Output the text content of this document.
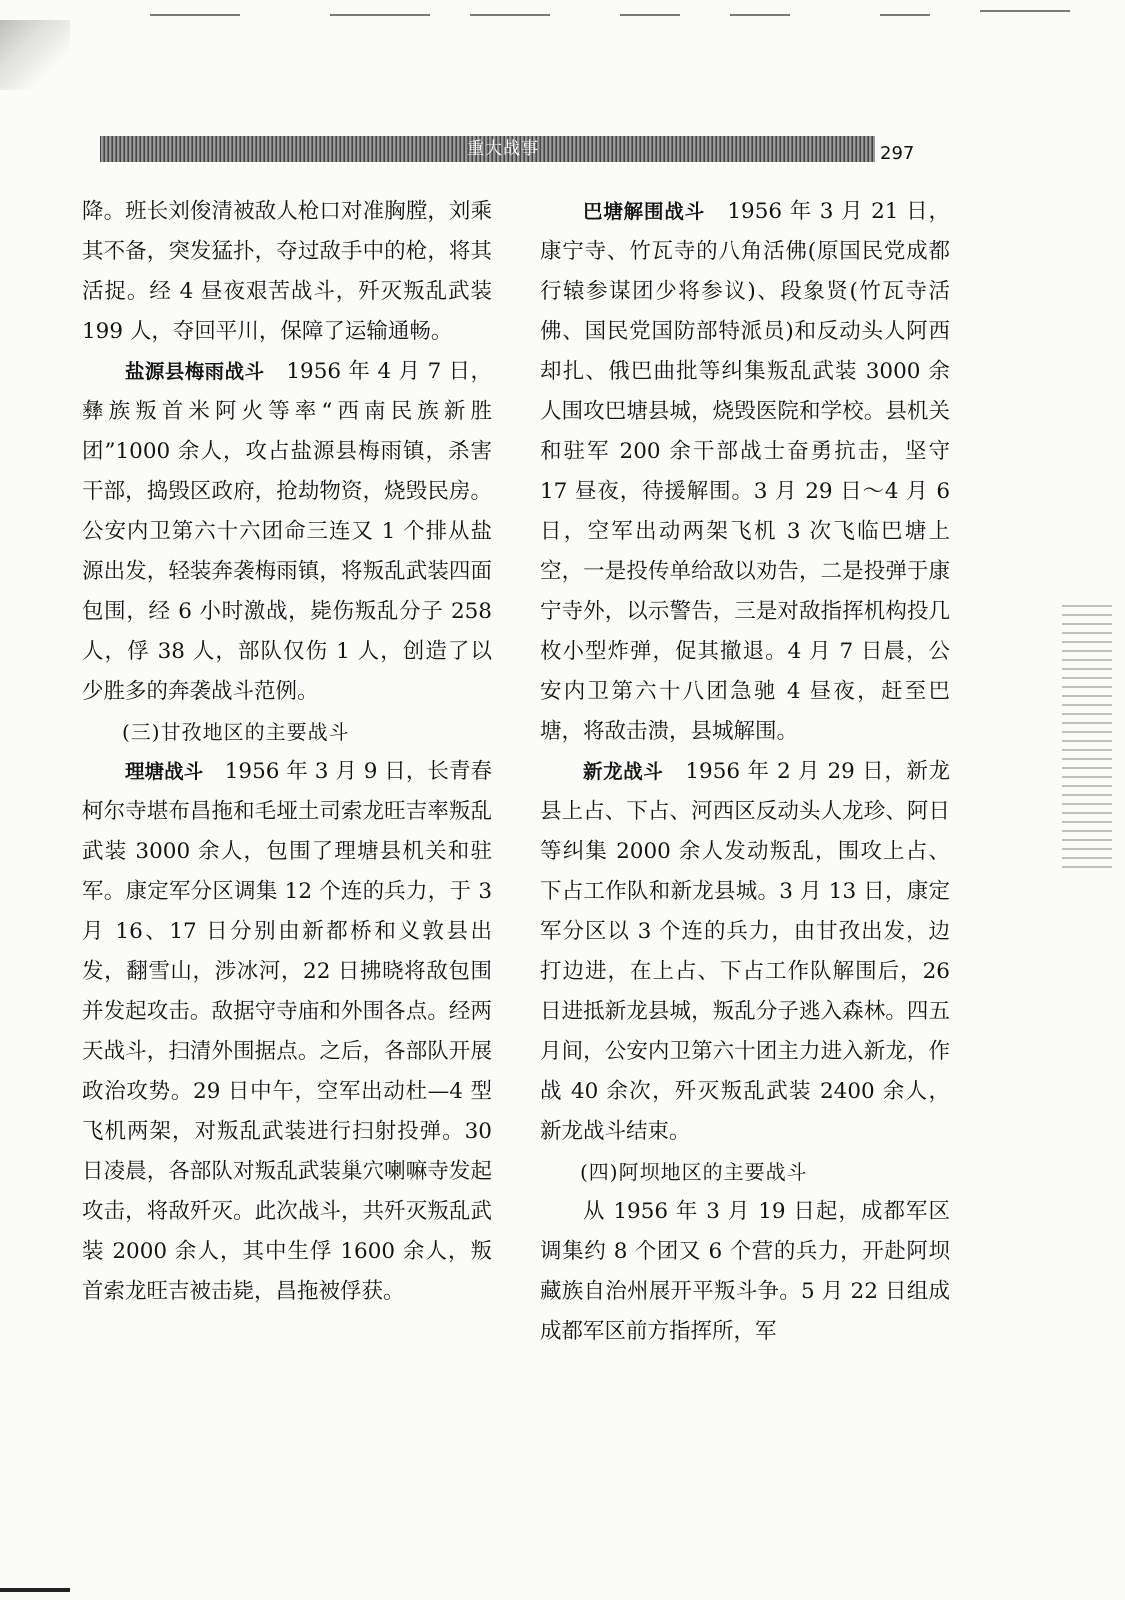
重大战事	297

降。班长刘俊清被敌人枪口对准胸膛，刘乘其不备，突发猛扑，夺过敌手中的枪，将其活捉。经 4 昼夜艰苦战斗，歼灭叛乱武装 199 人，夺回平川，保障了运输通畅。

盐源县梅雨战斗　1956 年 4 月 7 日，彝族叛首米阿火等率“西南民族新胜团”1000 余人，攻占盐源县梅雨镇，杀害干部，捣毁区政府，抢劫物资，烧毁民房。公安内卫第六十六团命三连又 1 个排从盐源出发，轻装奔袭梅雨镇，将叛乱武装四面包围，经 6 小时激战，毙伤叛乱分子 258 人，俘 38 人，部队仅伤 1 人，创造了以少胜多的奔袭战斗范例。

(三)甘孜地区的主要战斗

理塘战斗　1956 年 3 月 9 日，长青春柯尔寺堪布昌拖和毛垭土司索龙旺吉率叛乱武装 3000 余人，包围了理塘县机关和驻军。康定军分区调集 12 个连的兵力，于 3 月 16、17 日分别由新都桥和义敦县出发，翻雪山，涉冰河，22 日拂晓将敌包围并发起攻击。敌据守寺庙和外围各点。经两天战斗，扫清外围据点。之后，各部队开展政治攻势。29 日中午，空军出动杜—4 型飞机两架，对叛乱武装进行扫射投弹。30 日凌晨，各部队对叛乱武装巢穴喇嘛寺发起攻击，将敌歼灭。此次战斗，共歼灭叛乱武装 2000 余人，其中生俘 1600 余人，叛首索龙旺吉被击毙，昌拖被俘获。

巴塘解围战斗　1956 年 3 月 21 日，康宁寺、竹瓦寺的八角活佛(原国民党成都行辕参谋团少将参议)、段象贤(竹瓦寺活佛、国民党国防部特派员)和反动头人阿西却扎、俄巴曲批等纠集叛乱武装 3000 余人围攻巴塘县城，烧毁医院和学校。县机关和驻军 200 余干部战士奋勇抗击，坚守 17 昼夜，待援解围。3 月 29 日～4 月 6 日，空军出动两架飞机 3 次飞临巴塘上空，一是投传单给敌以劝告，二是投弹于康宁寺外，以示警告，三是对敌指挥机构投几枚小型炸弹，促其撤退。4 月 7 日晨，公安内卫第六十八团急驰 4 昼夜，赶至巴塘，将敌击溃，县城解围。

新龙战斗　1956 年 2 月 29 日，新龙县上占、下占、河西区反动头人龙珍、阿日等纠集 2000 余人发动叛乱，围攻上占、下占工作队和新龙县城。3 月 13 日，康定军分区以 3 个连的兵力，由甘孜出发，边打边进，在上占、下占工作队解围后，26 日进抵新龙县城，叛乱分子逃入森林。四五月间，公安内卫第六十团主力进入新龙，作战 40 余次，歼灭叛乱武装 2400 余人，新龙战斗结束。

(四)阿坝地区的主要战斗

从 1956 年 3 月 19 日起，成都军区调集约 8 个团又 6 个营的兵力，开赴阿坝藏族自治州展开平叛斗争。5 月 22 日组成成都军区前方指挥所，军
